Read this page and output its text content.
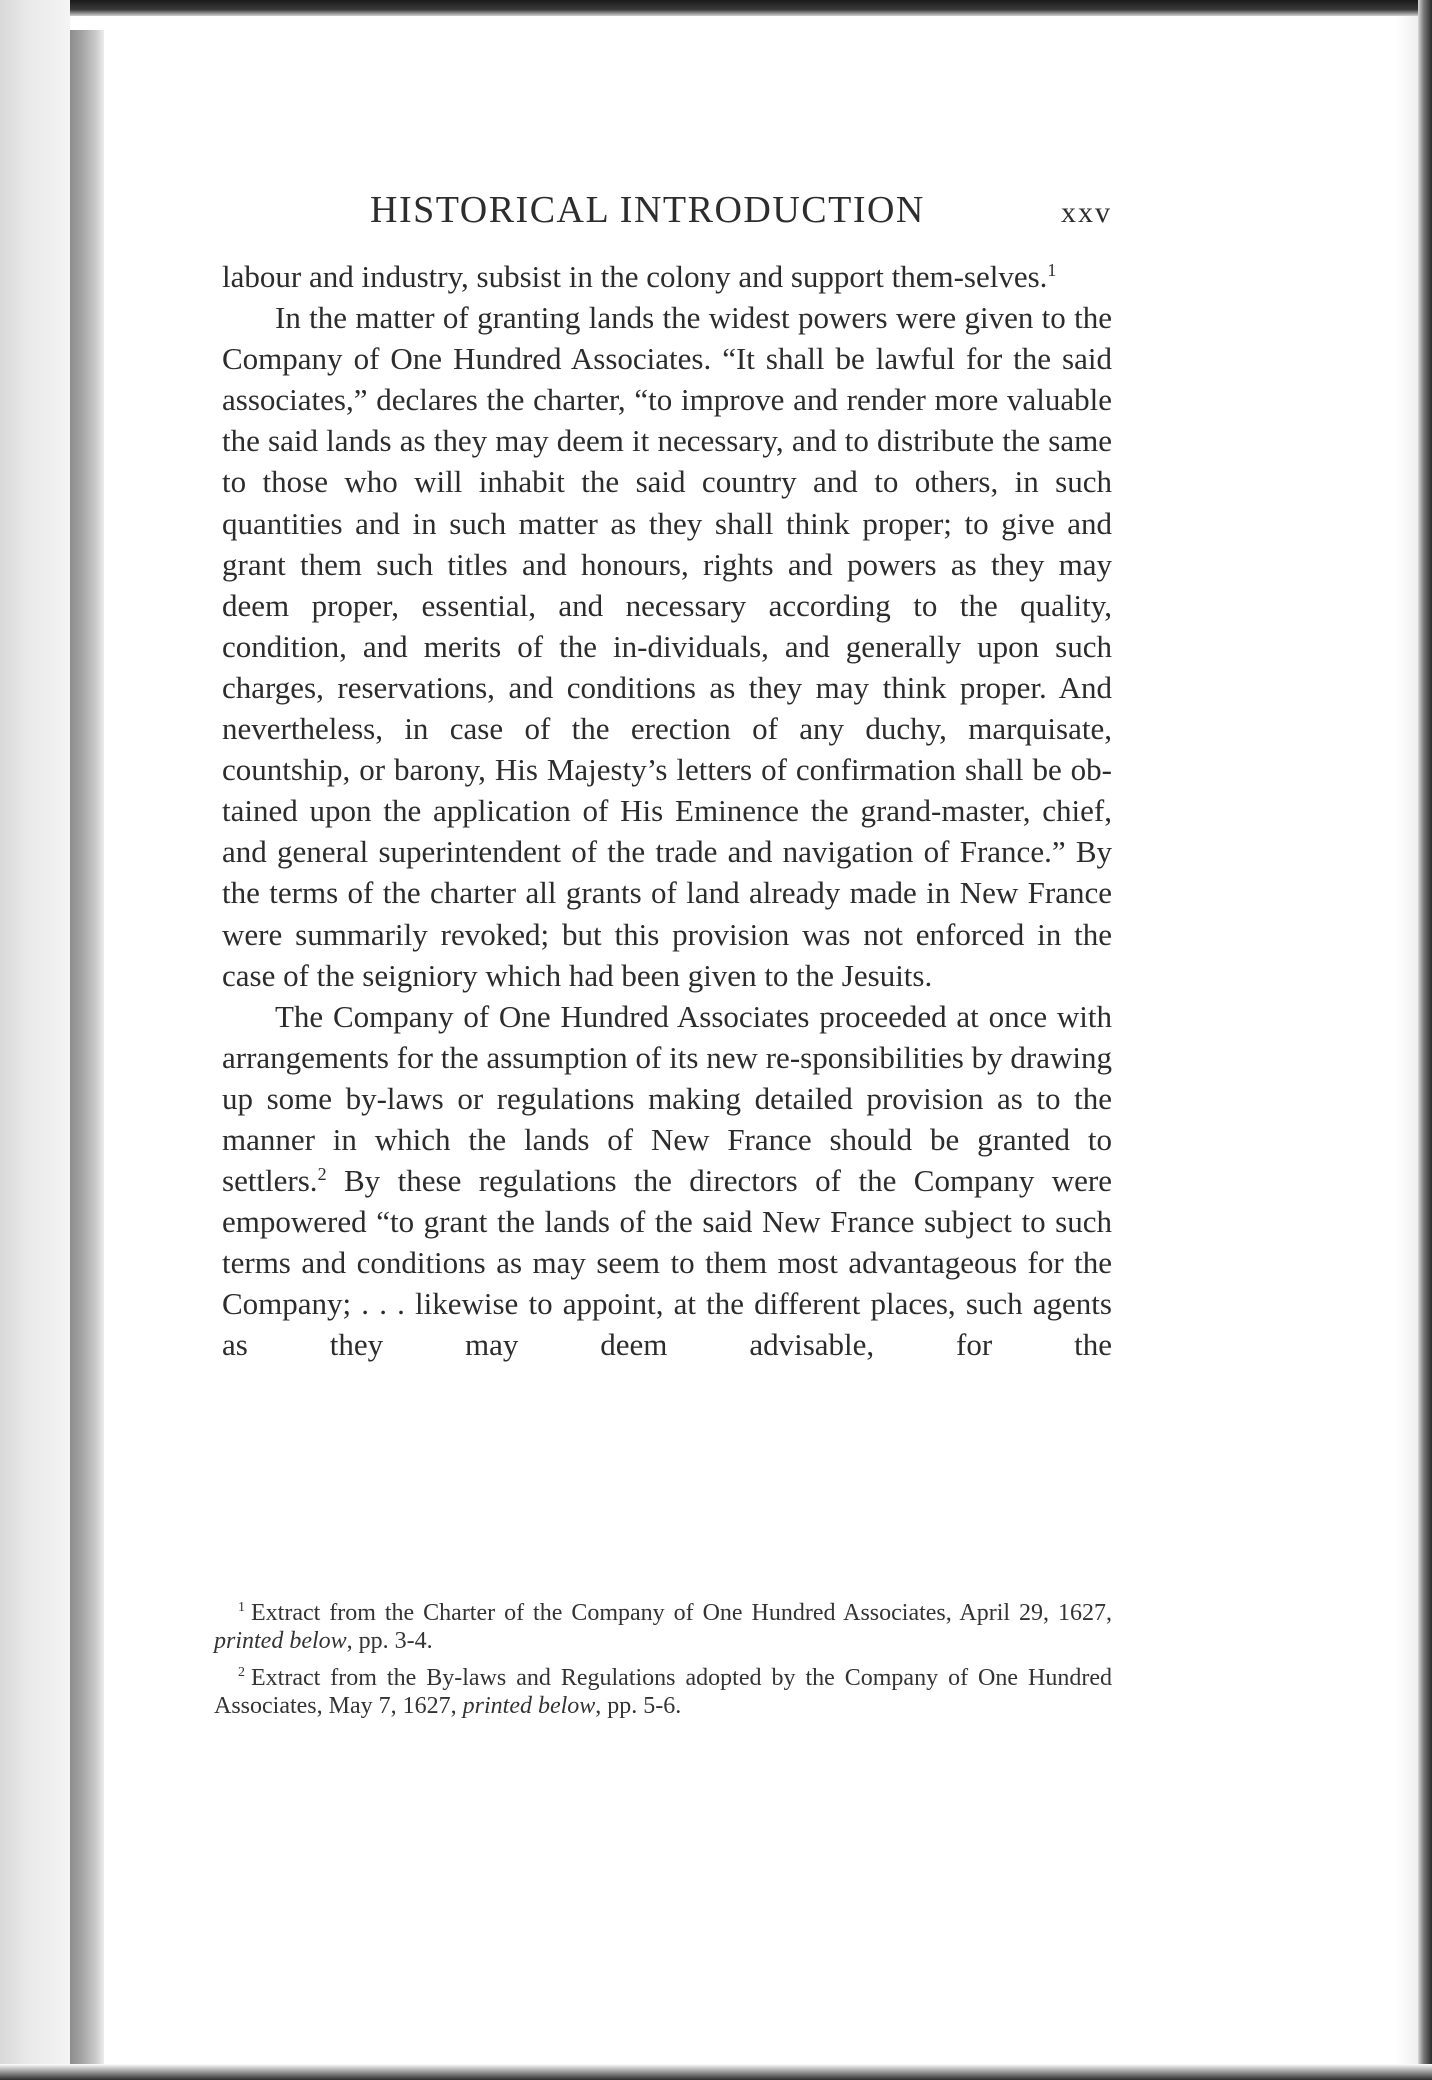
HISTORICAL INTRODUCTION	xxv

labour and industry, subsist in the colony and support them-selves.$^1$

In the matter of granting lands the widest powers were given to the Company of One Hundred Associates. “It shall be lawful for the said associates,” declares the charter, “to improve and render more valuable the said lands as they may deem it necessary, and to distribute the same to those who will inhabit the said country and to others, in such quantities and in such matter as they shall think proper; to give and grant them such titles and honours, rights and powers as they may deem proper, essential, and necessary according to the quality, condition, and merits of the in-dividuals, and generally upon such charges, reservations, and conditions as they may think proper. And nevertheless, in case of the erection of any duchy, marquisate, countship, or barony, His Majesty’s letters of confirmation shall be ob-tained upon the application of His Eminence the grand-master, chief, and general superintendent of the trade and navigation of France.” By the terms of the charter all grants of land already made in New France were summarily revoked; but this provision was not enforced in the case of the seigniory which had been given to the Jesuits.

The Company of One Hundred Associates proceeded at once with arrangements for the assumption of its new re-sponsibilities by drawing up some by-laws or regulations making detailed provision as to the manner in which the lands of New France should be granted to settlers.$^2$ By these regulations the directors of the Company were empowered “to grant the lands of the said New France subject to such terms and conditions as may seem to them most advantageous for the Company; . . . likewise to appoint, at the different places, such agents as they may deem advisable, for the

$^1$ Extract from the Charter of the Company of One Hundred Associates, April 29, 1627, printed below, pp. 3-4.

$^2$ Extract from the By-laws and Regulations adopted by the Company of One Hundred Associates, May 7, 1627, printed below, pp. 5-6.
